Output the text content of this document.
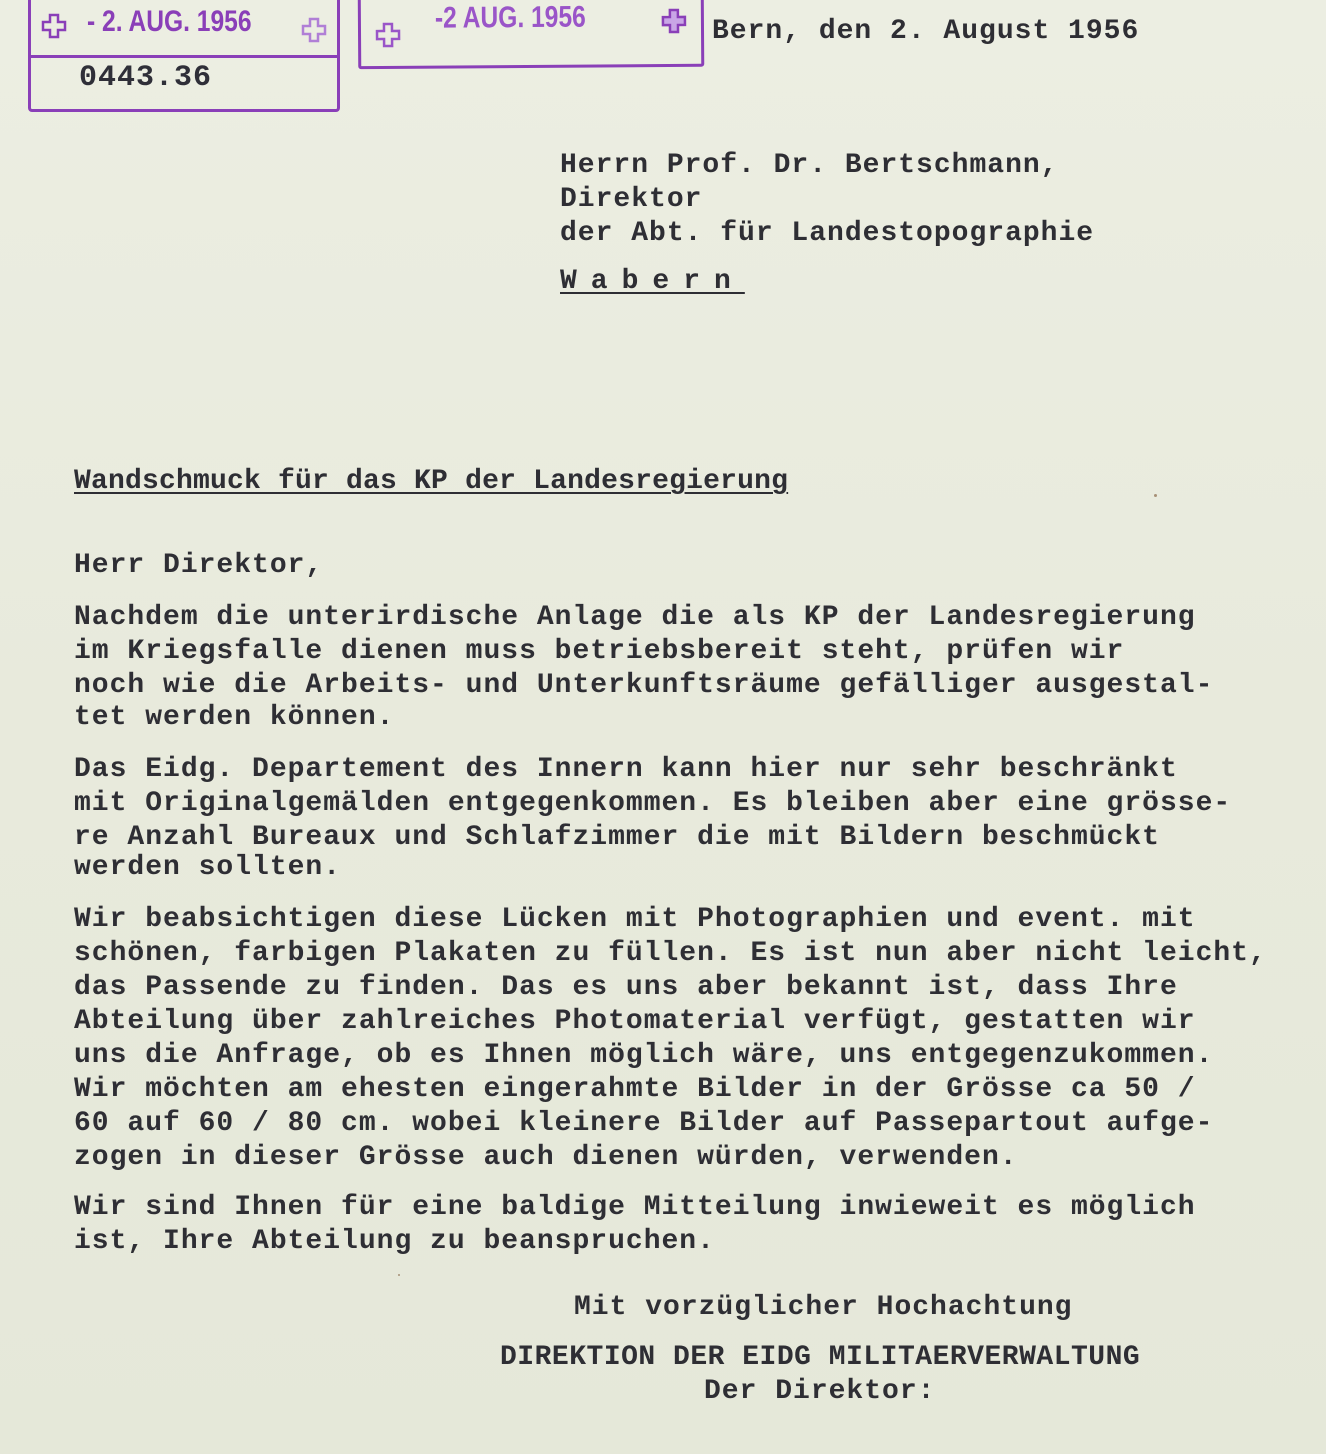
- 2. AUG. 1956
0443.36
-2 AUG. 1956	Bern, den 2. August 1956
Herrn Prof. Dr. Bertschmann,
Direktor
der Abt. für Landestopographie
Wabern
Wandschmuck für das KP der Landesregierung
Herr Direktor,
Nachdem die unterirdische Anlage die als KP der Landesregierung
im Kriegsfalle dienen muss betriebsbereit steht, prüfen wir
noch wie die Arbeits- und Unterkunftsräume gefälliger ausgestal-
tet werden können.
Das Eidg. Departement des Innern kann hier nur sehr beschränkt
mit Originalgemälden entgegenkommen. Es bleiben aber eine grösse-
re Anzahl Bureaux und Schlafzimmer die mit Bildern beschmückt
werden sollten.
Wir beabsichtigen diese Lücken mit Photographien und event. mit
schönen, farbigen Plakaten zu füllen. Es ist nun aber nicht leicht,
das Passende zu finden. Das es uns aber bekannt ist, dass Ihre
Abteilung über zahlreiches Photomaterial verfügt, gestatten wir
uns die Anfrage, ob es Ihnen möglich wäre, uns entgegenzukommen.
Wir möchten am ehesten eingerahmte Bilder in der Grösse ca 50 /
60 auf 60 / 80 cm. wobei kleinere Bilder auf Passepartout aufge-
zogen in dieser Grösse auch dienen würden, verwenden.
Wir sind Ihnen für eine baldige Mitteilung inwieweit es möglich
ist, Ihre Abteilung zu beanspruchen.
Mit vorzüglicher Hochachtung
DIREKTION DER EIDG MILITAERVERWALTUNG
Der Direktor:
